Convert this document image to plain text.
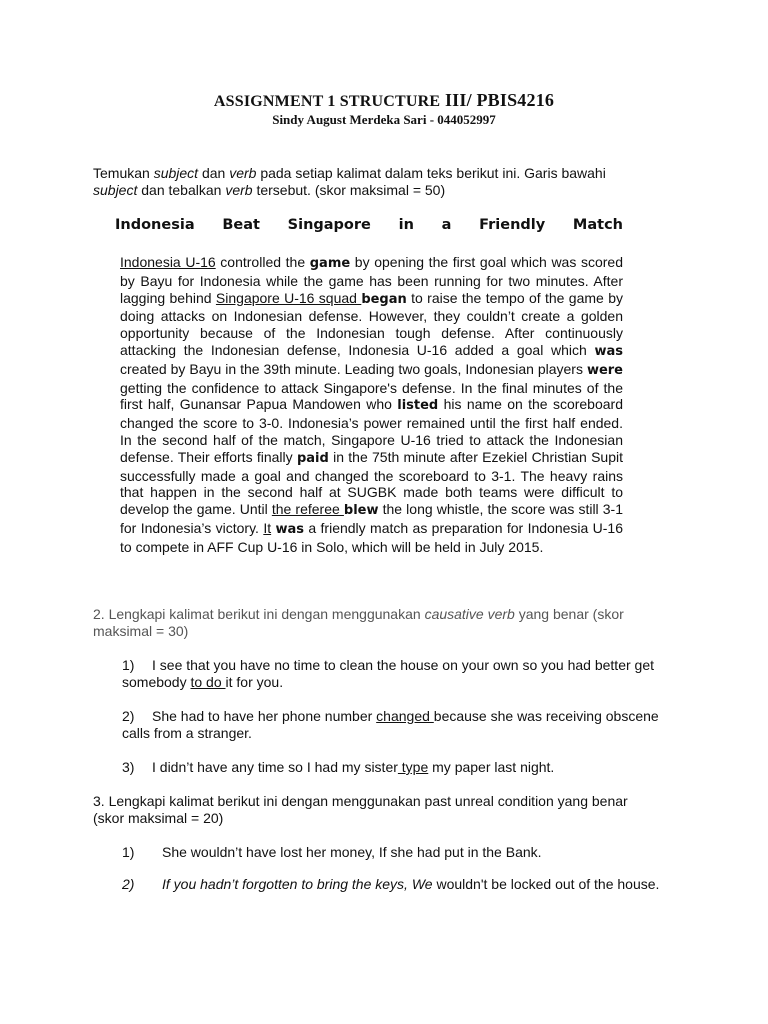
ASSIGNMENT 1 STRUCTURE III/ PBIS4216
Sindy August Merdeka Sari - 044052997
Temukan subject dan verb pada setiap kalimat dalam teks berikut ini. Garis bawahi subject dan tebalkan verb tersebut. (skor maksimal = 50)
Indonesia Beat Singapore in a Friendly Match
Indonesia U-16 controlled the game by opening the first goal which was scored by Bayu for Indonesia while the game has been running for two minutes. After lagging behind Singapore U-16 squad began to raise the tempo of the game by doing attacks on Indonesian defense. However, they couldn’t create a golden opportunity because of the Indonesian tough defense. After continuously attacking the Indonesian defense, Indonesia U-16 added a goal which was created by Bayu in the 39th minute. Leading two goals, Indonesian players were getting the confidence to attack Singapore's defense. In the final minutes of the first half, Gunansar Papua Mandowen who listed his name on the scoreboard changed the score to 3-0. Indonesia’s power remained until the first half ended. In the second half of the match, Singapore U-16 tried to attack the Indonesian defense. Their efforts finally paid in the 75th minute after Ezekiel Christian Supit successfully made a goal and changed the scoreboard to 3-1. The heavy rains that happen in the second half at SUGBK made both teams were difficult to develop the game. Until the referee blew the long whistle, the score was still 3-1 for Indonesia’s victory. It was a friendly match as preparation for Indonesia U-16 to compete in AFF Cup U-16 in Solo, which will be held in July 2015.
2. Lengkapi kalimat berikut ini dengan menggunakan causative verb yang benar (skor maksimal = 30)
1) I see that you have no time to clean the house on your own so you had better get somebody to do it for you.
2) She had to have her phone number changed because she was receiving obscene calls from a stranger.
3) I didn’t have any time so I had my sister type my paper last night.
3. Lengkapi kalimat berikut ini dengan menggunakan past unreal condition yang benar (skor maksimal = 20)
1) She wouldn’t have lost her money, If she had put in the Bank.
2) If you hadn’t forgotten to bring the keys, We wouldn't be locked out of the house.
